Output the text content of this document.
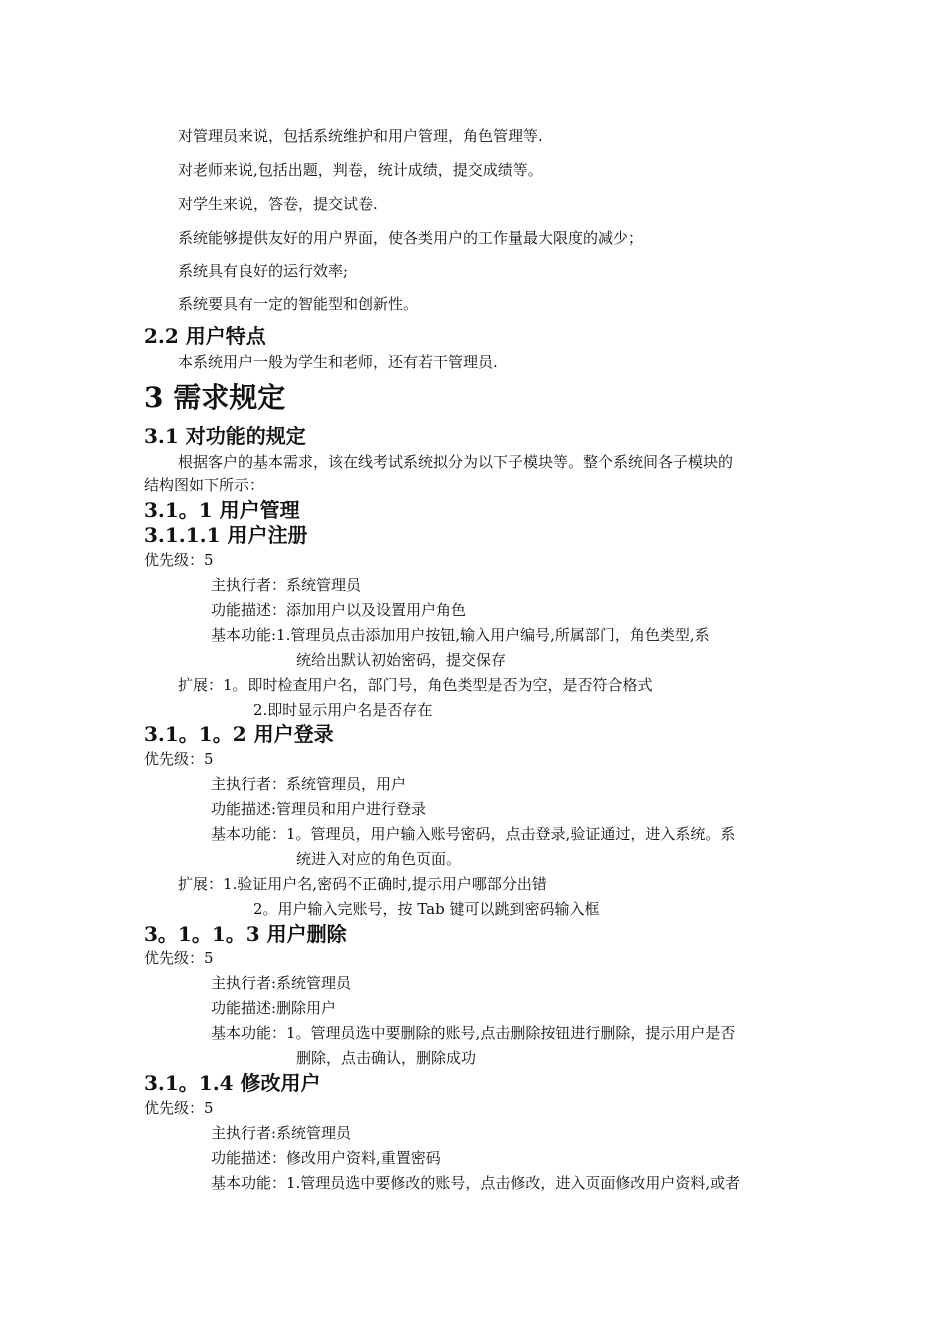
对管理员来说，包括系统维护和用户管理，角色管理等.
对老师来说,包括出题，判卷，统计成绩，提交成绩等。
对学生来说，答卷，提交试卷.
系统能够提供友好的用户界面，使各类用户的工作量最大限度的减少；
系统具有良好的运行效率;
系统要具有一定的智能型和创新性。
2.2 用户特点
本系统用户一般为学生和老师，还有若干管理员.
3 需求规定
3.1 对功能的规定
根据客户的基本需求，该在线考试系统拟分为以下子模块等。整个系统间各子模块的
结构图如下所示：
3.1。1 用户管理
3.1.1.1 用户注册
优先级：5
主执行者：系统管理员
功能描述：添加用户以及设置用户角色
基本功能:1.管理员点击添加用户按钮,输入用户编号,所属部门，角色类型,系
统给出默认初始密码，提交保存
扩展：1。即时检查用户名，部门号，角色类型是否为空，是否符合格式
2.即时显示用户名是否存在
3.1。1。2 用户登录
优先级：5
主执行者：系统管理员，用户
功能描述:管理员和用户进行登录
基本功能：1。管理员，用户输入账号密码，点击登录,验证通过，进入系统。系
统进入对应的角色页面。
扩展：1.验证用户名,密码不正确时,提示用户哪部分出错
2。用户输入完账号，按 Tab 键可以跳到密码输入框
3。1。1。3 用户删除
优先级：5
主执行者:系统管理员
功能描述:删除用户
基本功能：1。管理员选中要删除的账号,点击删除按钮进行删除，提示用户是否
删除，点击确认，删除成功
3.1。1.4 修改用户
优先级：5
主执行者:系统管理员
功能描述：修改用户资料,重置密码
基本功能：1.管理员选中要修改的账号，点击修改，进入页面修改用户资料,或者
